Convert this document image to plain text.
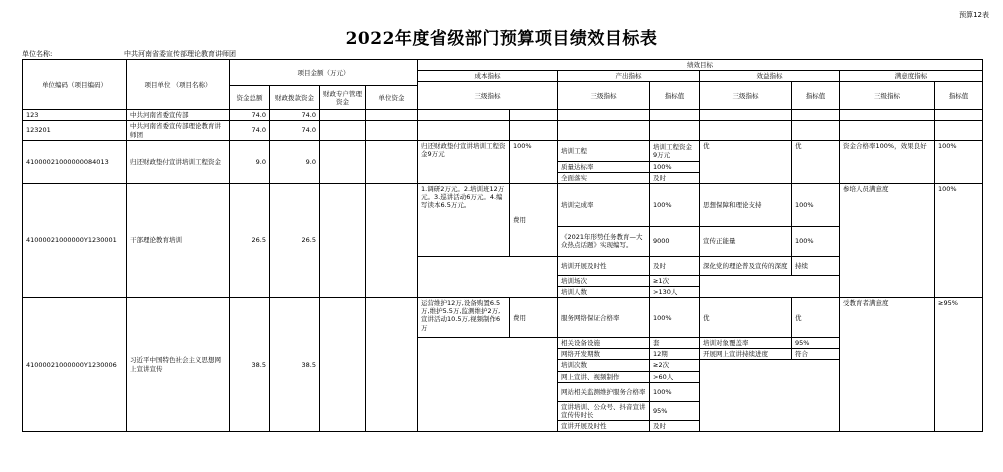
预算12表
2022年度省级部门预算项目绩效目标表
单位名称:	中共河南省委宣传部理论教育讲师团
单位编码（项目编码）	项目单位 （项目名称）	项目金额（万元）				绩效目标							
						成本指标		产出指标		效益指标		满意度指标	
						三级指标		三级指标	指标值	三级指标	指标值	三级指标	指标值
		资金总额	财政拨款资金	财政专户管理资金	单位资金								
123	中共河南省委宣传部	74.0	74.0										
123201	中共河南省委宣传部理论教育讲师团	74.0	74.0										
41000021000000084013	归还财政垫付宣讲培训工程资金	9.0	9.0			归还财政垫付宣讲培训工程资金9万元	100%	培训工程	培训工程资金9万元	优	优	资金合格率100%，效果良好	100%
								质量达标率	100%				
								全面落实	及时				
41000021000000Y1230001	干部理论教育培训	26.5	26.5			1.调研2万元。2.培训班12万元。3.巡讲活动6万元。4.编写读本6.5万元。	费用	培训完成率	100%	思想保障和理论支持	100%	参培人员满意度	100%
								《2021年形势任务教育—大众热点话题》实现编写。	9000	宣传正能量	100%		
								培训开展及时性	及时	深化党的理论普及宣传的深度	持续		
								培训场次	≥1次				
								培训人数	>130人				
41000021000000Y1230006	习近平中国特色社会主义思想网上宣讲宣传	38.5	38.5			运营维护12万,设备购置6.5万,维护5.5万,监测维护2万,宣讲活动10.5万,视频制作6万	费用	服务网络保证合格率	100%	优	优	受教育者满意度	≥95%
								相关设备设施	套	培训对象覆盖率	95%		
								网络开发期数	12期	开展网上宣讲持续进度	符合		
								培训次数	≥2次				
								网上宣讲、视频制作	>60人				
								网站相关监测维护服务合格率	100%				
								宣讲培训、公众号、抖音宣讲宣传传时长	95%				
								宣讲开展及时性	及时				
